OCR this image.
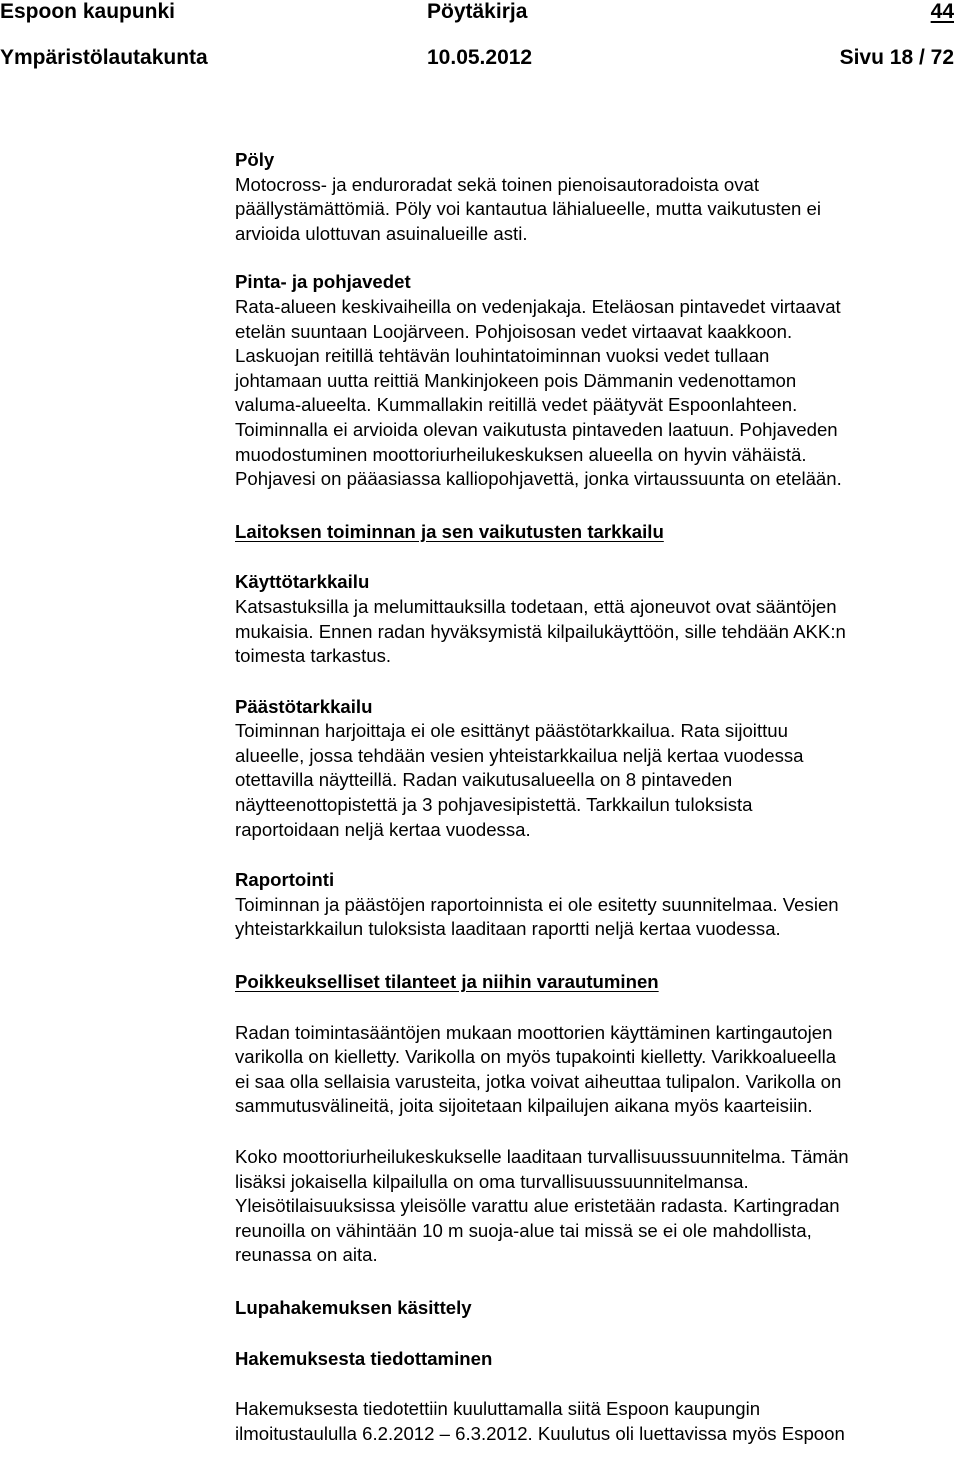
Espoon kaupunki	Pöytäkirja	44
Ympäristölautakunta	10.05.2012	Sivu 18 / 72
Pöly
Motocross- ja enduroradat sekä toinen pienoisautoradoista ovat
päällystämättömiä. Pöly voi kantautua lähialueelle, mutta vaikutusten ei
arvioida ulottuvan asuinalueille asti.
Pinta- ja pohjavedet
Rata-alueen keskivaiheilla on vedenjakaja. Eteläosan pintavedet virtaavat
etelän suuntaan Loojärveen. Pohjoisosan vedet virtaavat kaakkoon.
Laskuojan reitillä tehtävän louhintatoiminnan vuoksi vedet tullaan
johtamaan uutta reittiä Mankinjokeen pois Dämmanin vedenottamon
valuma-alueelta. Kummallakin reitillä vedet päätyvät Espoonlahteen.
Toiminnalla ei arvioida olevan vaikutusta pintaveden laatuun. Pohjaveden
muodostuminen moottoriurheilukeskuksen alueella on hyvin vähäistä.
Pohjavesi on pääasiassa kalliopohjavettä, jonka virtaussuunta on etelään.
Laitoksen toiminnan ja sen vaikutusten tarkkailu
Käyttötarkkailu
Katsastuksilla ja melumittauksilla todetaan, että ajoneuvot ovat sääntöjen
mukaisia. Ennen radan hyväksymistä kilpailukäyttöön, sille tehdään AKK:n
toimesta tarkastus.
Päästötarkkailu
Toiminnan harjoittaja ei ole esittänyt päästötarkkailua. Rata sijoittuu
alueelle, jossa tehdään vesien yhteistarkkailua neljä kertaa vuodessa
otettavilla näytteillä. Radan vaikutusalueella on 8 pintaveden
näytteenottopistettä ja 3 pohjavesipistettä. Tarkkailun tuloksista
raportoidaan neljä kertaa vuodessa.
Raportointi
Toiminnan ja päästöjen raportoinnista ei ole esitetty suunnitelmaa. Vesien
yhteistarkkailun tuloksista laaditaan raportti neljä kertaa vuodessa.
Poikkeukselliset tilanteet ja niihin varautuminen
Radan toimintasääntöjen mukaan moottorien käyttäminen kartingautojen
varikolla on kielletty. Varikolla on myös tupakointi kielletty. Varikkoalueella
ei saa olla sellaisia varusteita, jotka voivat aiheuttaa tulipalon. Varikolla on
sammutusvälineitä, joita sijoitetaan kilpailujen aikana myös kaarteisiin.
Koko moottoriurheilukeskukselle laaditaan turvallisuussuunnitelma. Tämän
lisäksi jokaisella kilpailulla on oma turvallisuussuunnitelmansa.
Yleisötilaisuuksissa yleisölle varattu alue eristetään radasta. Kartingradan
reunoilla on vähintään 10 m suoja-alue tai missä se ei ole mahdollista,
reunassa on aita.
Lupahakemuksen käsittely
Hakemuksesta tiedottaminen
Hakemuksesta tiedotettiin kuuluttamalla siitä Espoon kaupungin
ilmoitustaululla 6.2.2012 – 6.3.2012. Kuulutus oli luettavissa myös Espoon
